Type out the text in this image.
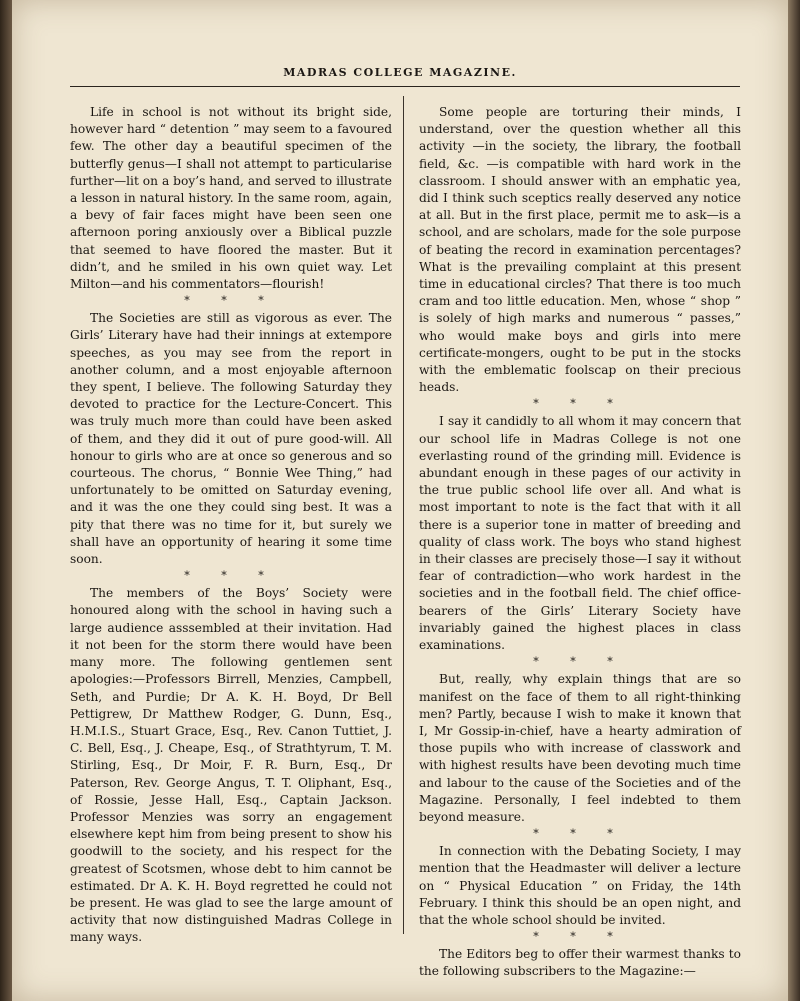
MADRAS COLLEGE MAGAZINE.

Life in school is not without its bright side, however hard “ detention ” may seem to a favoured few. The other day a beautiful specimen of the butterfly genus—I shall not attempt to particularise further—lit on a boy’s hand, and served to illustrate a lesson in natural history. In the same room, again, a bevy of fair faces might have been seen one afternoon poring anxiously over a Biblical puzzle that seemed to have floored the master. But it didn’t, and he smiled in his own quiet way. Let Milton—and his commentators—flourish!

* * *

The Societies are still as vigorous as ever. The Girls’ Literary have had their innings at extempore speeches, as you may see from the report in another column, and a most enjoyable afternoon they spent, I believe. The following Saturday they devoted to practice for the Lecture-Concert. This was truly much more than could have been asked of them, and they did it out of pure good-will. All honour to girls who are at once so generous and so courteous. The chorus, “ Bonnie Wee Thing,” had unfortunately to be omitted on Saturday evening, and it was the one they could sing best. It was a pity that there was no time for it, but surely we shall have an opportunity of hearing it some time soon.

* * *

The members of the Boys’ Society were honoured along with the school in having such a large audience asssembled at their invitation. Had it not been for the storm there would have been many more. The following gentlemen sent apologies:—Professors Birrell, Menzies, Campbell, Seth, and Purdie; Dr A. K. H. Boyd, Dr Bell Pettigrew, Dr Matthew Rodger, G. Dunn, Esq., H.M.I.S., Stuart Grace, Esq., Rev. Canon Tuttiet, J. C. Bell, Esq., J. Cheape, Esq., of Strathtyrum, T. M. Stirling, Esq., Dr Moir, F. R. Burn, Esq., Dr Paterson, Rev. George Angus, T. T. Oliphant, Esq., of Rossie, Jesse Hall, Esq., Captain Jackson. Professor Menzies was sorry an engagement elsewhere kept him from being present to show his goodwill to the society, and his respect for the greatest of Scotsmen, whose debt to him cannot be estimated. Dr A. K. H. Boyd regretted he could not be present. He was glad to see the large amount of activity that now distinguished Madras College in many ways.

Some people are torturing their minds, I understand, over the question whether all this activity —in the society, the library, the football field, &c. —is compatible with hard work in the classroom. I should answer with an emphatic yea, did I think such sceptics really deserved any notice at all. But in the first place, permit me to ask—is a school, and are scholars, made for the sole purpose of beating the record in examination percentages? What is the prevailing complaint at this present time in educational circles? That there is too much cram and too little education. Men, whose “ shop ” is solely of high marks and numerous “ passes,” who would make boys and girls into mere certificate-mongers, ought to be put in the stocks with the emblematic foolscap on their precious heads.

* * *

I say it candidly to all whom it may concern that our school life in Madras College is not one everlasting round of the grinding mill. Evidence is abundant enough in these pages of our activity in the true public school life over all. And what is most important to note is the fact that with it all there is a superior tone in matter of breeding and quality of class work. The boys who stand highest in their classes are precisely those—I say it without fear of contradiction—who work hardest in the societies and in the football field. The chief office-bearers of the Girls’ Literary Society have invariably gained the highest places in class examinations.

* * *

But, really, why explain things that are so manifest on the face of them to all right-thinking men? Partly, because I wish to make it known that I, Mr Gossip-in-chief, have a hearty admiration of those pupils who with increase of classwork and with highest results have been devoting much time and labour to the cause of the Societies and of the Magazine. Personally, I feel indebted to them beyond measure.

* * *

In connection with the Debating Society, I may mention that the Headmaster will deliver a lecture on “ Physical Education ” on Friday, the 14th February. I think this should be an open night, and that the whole school should be invited.

* * *

The Editors beg to offer their warmest thanks to the following subscribers to the Magazine:—
